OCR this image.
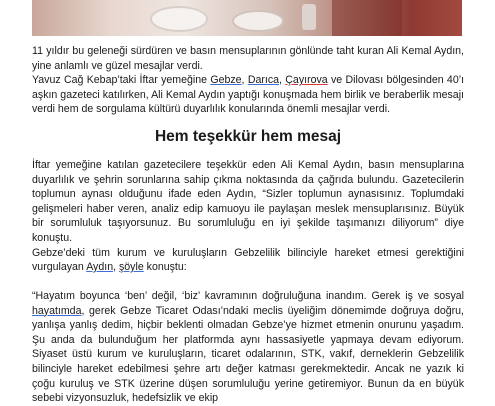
11 yıldır bu geleneği sürdüren ve basın mensuplarının gönlünde taht kuran Ali Kemal Aydın, yine anlamlı ve güzel mesajlar verdi.

Yavuz Cağ Kebap’taki İftar yemeğine Gebze, Darıca, Çayırova ve Dilovası bölgesinden 40’ı aşkın gazeteci katılırken, Ali Kemal Aydın yaptığı konuşmada hem birlik ve beraberlik mesajı verdi hem de sorgulama kültürü duyarlılık konularında önemli mesajlar verdi.

Hem teşekkür hem mesaj

İftar yemeğine katılan gazetecilere teşekkür eden Ali Kemal Aydın, basın mensuplarına duyarlılık ve şehrin sorunlarına sahip çıkma noktasında da çağrıda bulundu. Gazetecilerin toplumun aynası olduğunu ifade eden Aydın, “Sizler toplumun aynasısınız. Toplumdaki gelişmeleri haber veren, analiz edip kamuoyu ile paylaşan meslek mensuplarısınız. Büyük bir sorumluluk taşıyorsunuz. Bu sorumluluğu en iyi şekilde taşımanızı diliyorum” diye konuştu.

Gebze’deki tüm kurum ve kuruluşların Gebzelilik bilinciyle hareket etmesi gerektiğini vurgulayan Aydın, şöyle konuştu:

“Hayatım boyunca ‘ben’ değil, ‘biz’ kavramının doğruluğuna inandım. Gerek iş ve sosyal hayatımda, gerek Gebze Ticaret Odası’ndaki meclis üyeliğim dönemimde doğruya doğru, yanlışa yanlış dedim, hiçbir beklenti olmadan Gebze’ye hizmet etmenin onurunu yaşadım. Şu anda da bulunduğum her platformda aynı hassasiyetle yapmaya devam ediyorum. Siyaset üstü kurum ve kuruluşların, ticaret odalarının, STK, vakıf, derneklerin Gebzelilik bilinciyle hareket edebilmesi şehre artı değer katması gerekmektedir. Ancak ne yazık ki çoğu kuruluş ve STK üzerine düşen sorumluluğu yerine getiremiyor. Bunun da en büyük sebebi vizyonsuzluk, hedefsizlik ve ekip
